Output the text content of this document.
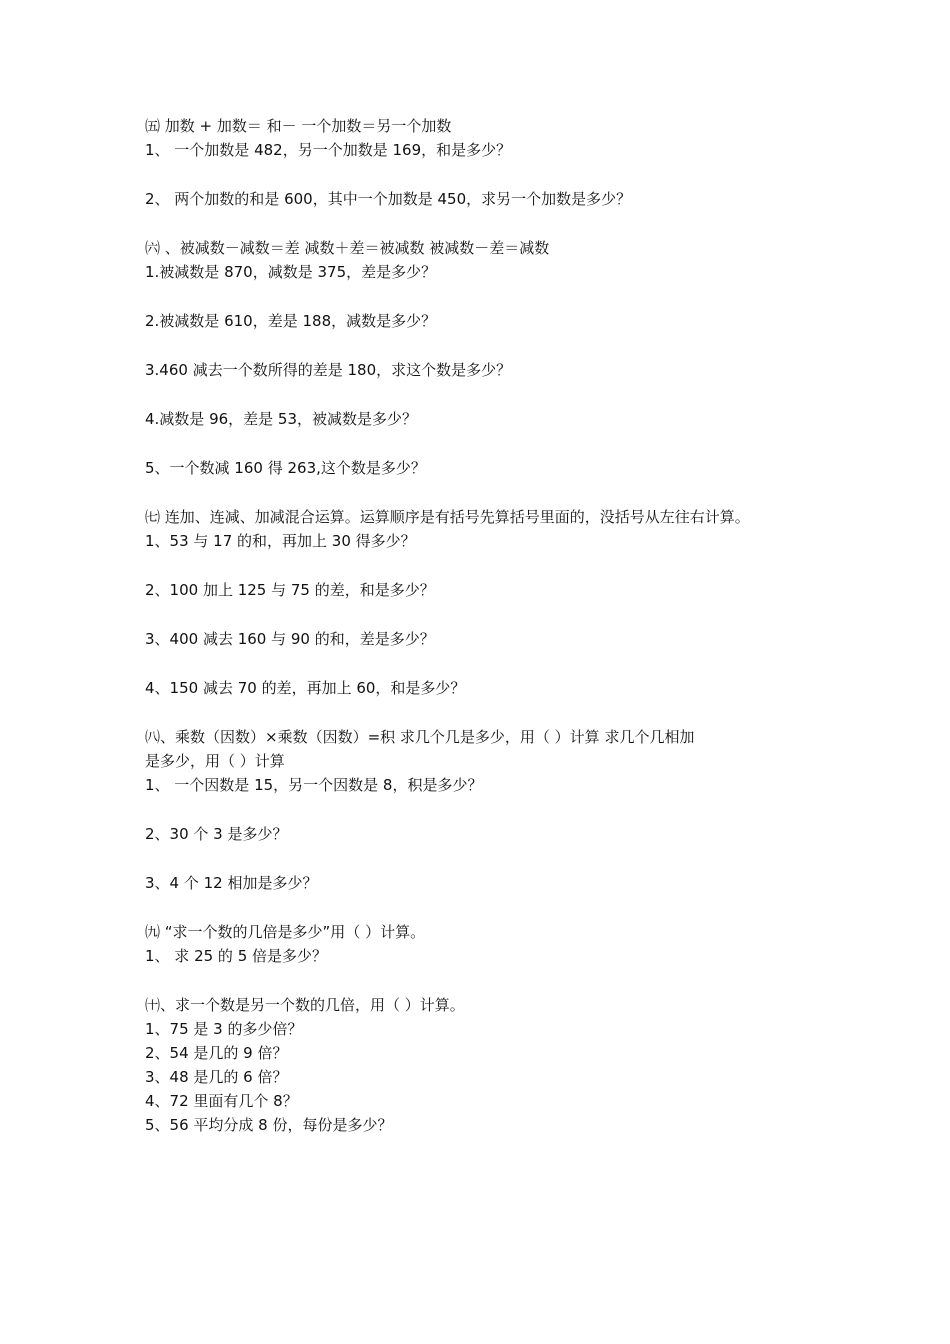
㈤ 加数 + 加数＝ 和－ 一个加数＝另一个加数
1、 一个加数是 482，另一个加数是 169，和是多少？
2、 两个加数的和是 600，其中一个加数是 450，求另一个加数是多少？
㈥ 、被减数－减数＝差 减数＋差＝被减数 被减数－差＝减数
1.被减数是 870，减数是 375，差是多少？
2.被减数是 610，差是 188，减数是多少？
3.460 减去一个数所得的差是 180，求这个数是多少？
4.减数是 96，差是 53，被减数是多少？
5、一个数减 160 得 263,这个数是多少？
㈦ 连加、连减、加减混合运算。运算顺序是有括号先算括号里面的，没括号从左往右计算。
1、53 与 17 的和，再加上 30 得多少？
2、100 加上 125 与 75 的差，和是多少？
3、400 减去 160 与 90 的和，差是多少？
4、150 减去 70 的差，再加上 60，和是多少？
㈧、乘数（因数）×乘数（因数）=积 求几个几是多少，用（ ）计算 求几个几相加
是多少，用（ ）计算
1、 一个因数是 15，另一个因数是 8，积是多少？
2、30 个 3 是多少？
3、4 个 12 相加是多少？
㈨ “求一个数的几倍是多少”用（ ）计算。
1、 求 25 的 5 倍是多少？
㈩、求一个数是另一个数的几倍，用（ ）计算。
1、75 是 3 的多少倍？
2、54 是几的 9 倍？
3、48 是几的 6 倍？
4、72 里面有几个 8？
5、56 平均分成 8 份，每份是多少？
